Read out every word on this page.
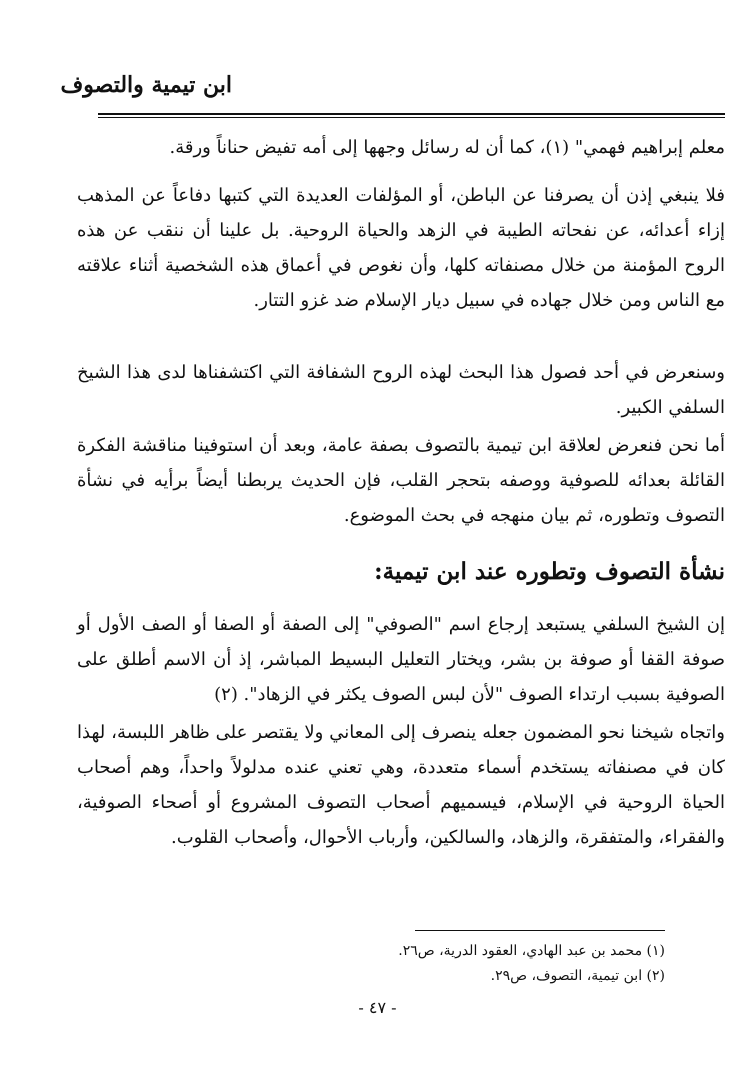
ابن تيمية والتصوف

معلم إبراهيم فهمي" (١)، كما أن له رسائل وجهها إلى أمه تفيض حناناً ورقة.

فلا ينبغي إذن أن يصرفنا عن الباطن، أو المؤلفات العديدة التي كتبها دفاعاً عن المذهب إزاء أعدائه، عن نفحاته الطيبة في الزهد والحياة الروحية. بل علينا أن ننقب عن هذه الروح المؤمنة من خلال مصنفاته كلها، وأن نغوص في أعماق هذه الشخصية أثناء علاقته مع الناس ومن خلال جهاده في سبيل ديار الإسلام ضد غزو التتار.

وسنعرض في أحد فصول هذا البحث لهذه الروح الشفافة التي اكتشفناها لدى هذا الشيخ السلفي الكبير.

أما نحن فنعرض لعلاقة ابن تيمية بالتصوف بصفة عامة، وبعد أن استوفينا مناقشة الفكرة القائلة بعدائه للصوفية ووصفه بتحجر القلب، فإن الحديث يربطنا أيضاً برأيه في نشأة التصوف وتطوره، ثم بيان منهجه في بحث الموضوع.

نشأة التصوف وتطوره عند ابن تيمية:

إن الشيخ السلفي يستبعد إرجاع اسم "الصوفي" إلى الصفة أو الصفا أو الصف الأول أو صوفة القفا أو صوفة بن بشر، ويختار التعليل البسيط المباشر، إذ أن الاسم أطلق على الصوفية بسبب ارتداء الصوف "لأن لبس الصوف يكثر في الزهاد". (٢)

واتجاه شيخنا نحو المضمون جعله ينصرف إلى المعاني ولا يقتصر على ظاهر اللبسة، لهذا كان في مصنفاته يستخدم أسماء متعددة، وهي تعني عنده مدلولاً واحداً، وهم أصحاب الحياة الروحية في الإسلام، فيسميهم أصحاب التصوف المشروع أو أصحاء الصوفية، والفقراء، والمتفقرة، والزهاد، والسالكين، وأرباب الأحوال، وأصحاب القلوب.

(١) محمد بن عبد الهادي، العقود الدرية، ص٢٦.
(٢) ابن تيمية، التصوف، ص٢٩.
- ٤٧ -
